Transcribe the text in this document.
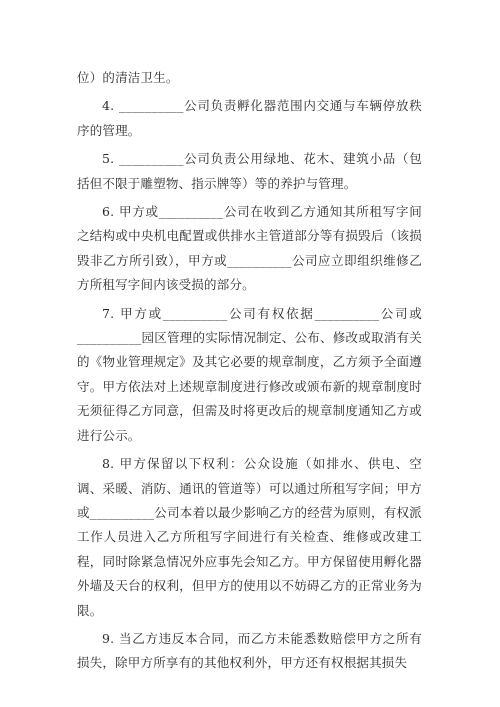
位）的清洁卫生。

4. __________公司负责孵化器范围内交通与车辆停放秩序的管理。

5. __________公司负责公用绿地、花木、建筑小品（包括但不限于雕塑物、指示牌等）等的养护与管理。

6. 甲方或__________公司在收到乙方通知其所租写字间之结构或中央机电配置或供排水主管道部分等有损毁后（该损毁非乙方所引致），甲方或__________公司应立即组织维修乙方所租写字间内该受损的部分。

7. 甲方或__________公司有权依据__________公司或__________园区管理的实际情况制定、公布、修改或取消有关的《物业管理规定》及其它必要的规章制度，乙方须予全面遵守。甲方依法对上述规章制度进行修改或颁布新的规章制度时无须征得乙方同意，但需及时将更改后的规章制度通知乙方或进行公示。

8. 甲方保留以下权利：公众设施（如排水、供电、空调、采暖、消防、通讯的管道等）可以通过所租写字间；甲方或__________公司本着以最少影响乙方的经营为原则，有权派工作人员进入乙方所租写字间进行有关检查、维修或改建工程，同时除紧急情况外应事先会知乙方。甲方保留使用孵化器外墙及天台的权利，但甲方的使用以不妨碍乙方的正常业务为限。

9. 当乙方违反本合同，而乙方未能悉数赔偿甲方之所有损失，除甲方所享有的其他权利外，甲方还有权根据其损失
